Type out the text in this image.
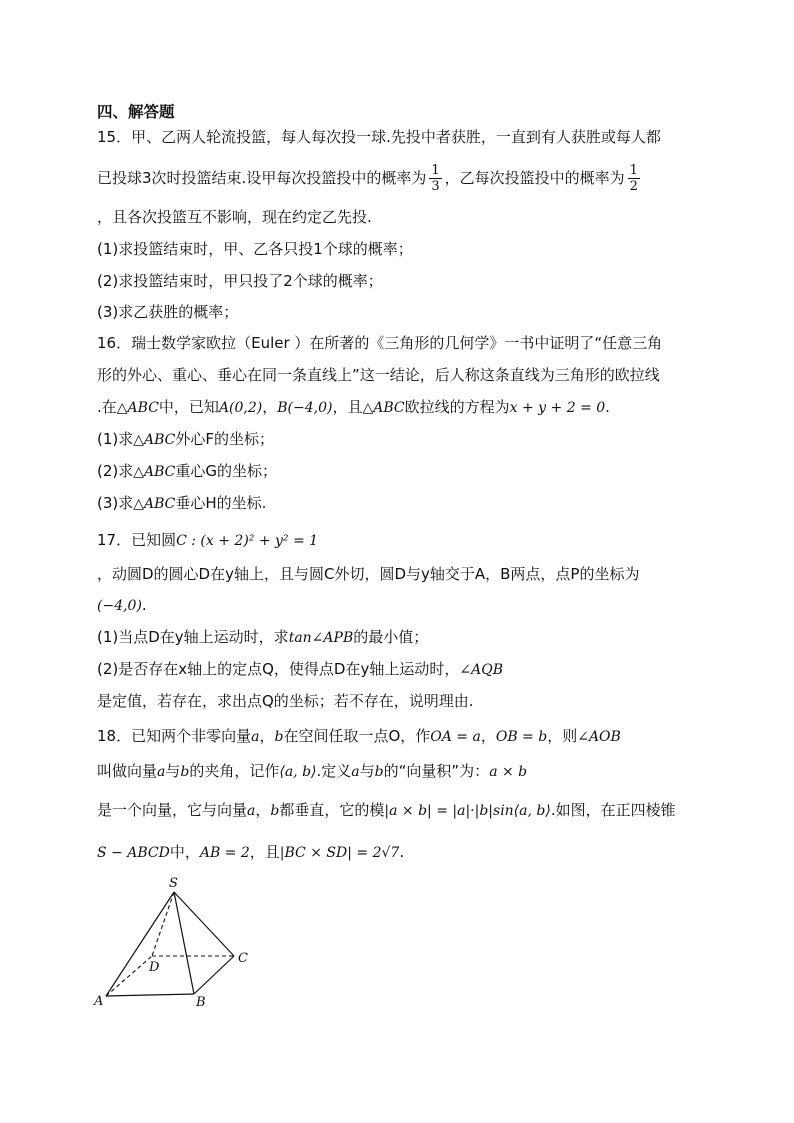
四、解答题
15．甲、乙两人轮流投篮，每人每次投一球.先投中者获胜，一直到有人获胜或每人都
已投球3次时投篮结束.设甲每次投篮投中的概率为 $\frac{1}{3}$ ，乙每次投篮投中的概率为 $\frac{1}{2}$
，且各次投篮互不影响，现在约定乙先投.
(1)求投篮结束时，甲、乙各只投1个球的概率；
(2)求投篮结束时，甲只投了2个球的概率；
(3)求乙获胜的概率；
16．瑞士数学家欧拉（Euler ）在所著的《三角形的几何学》一书中证明了“任意三角
形的外心、重心、垂心在同一条直线上”这一结论，后人称这条直线为三角形的欧拉线
.在△ABC中，已知A(0,2)，B(−4,0)，且△ABC欧拉线的方程为x + y + 2 = 0.
(1)求△ABC外心F的坐标；
(2)求△ABC重心G的坐标；
(3)求△ABC垂心H的坐标.
17．已知圆C : (x + 2)² + y² = 1
，动圆D的圆心D在y轴上，且与圆C外切，圆D与y轴交于A，B两点，点P的坐标为
(−4,0).
(1)当点D在y轴上运动时，求tan∠APB的最小值；
(2)是否存在x轴上的定点Q，使得点D在y轴上运动时，∠AQB
是定值，若存在，求出点Q的坐标；若不存在，说明理由.
18．已知两个非零向量a，b在空间任取一点O，作OA = a，OB = b，则∠AOB
叫做向量a与b的夹角，记作⟨a, b⟩.定义a与b的“向量积”为：a × b
是一个向量，它与向量a，b都垂直，它的模|a × b| = |a|·|b|sin⟨a, b⟩.如图，在正四棱锥
S − ABCD中，AB = 2，且|BC × SD| = 2√7.
S
A	B
C
D
